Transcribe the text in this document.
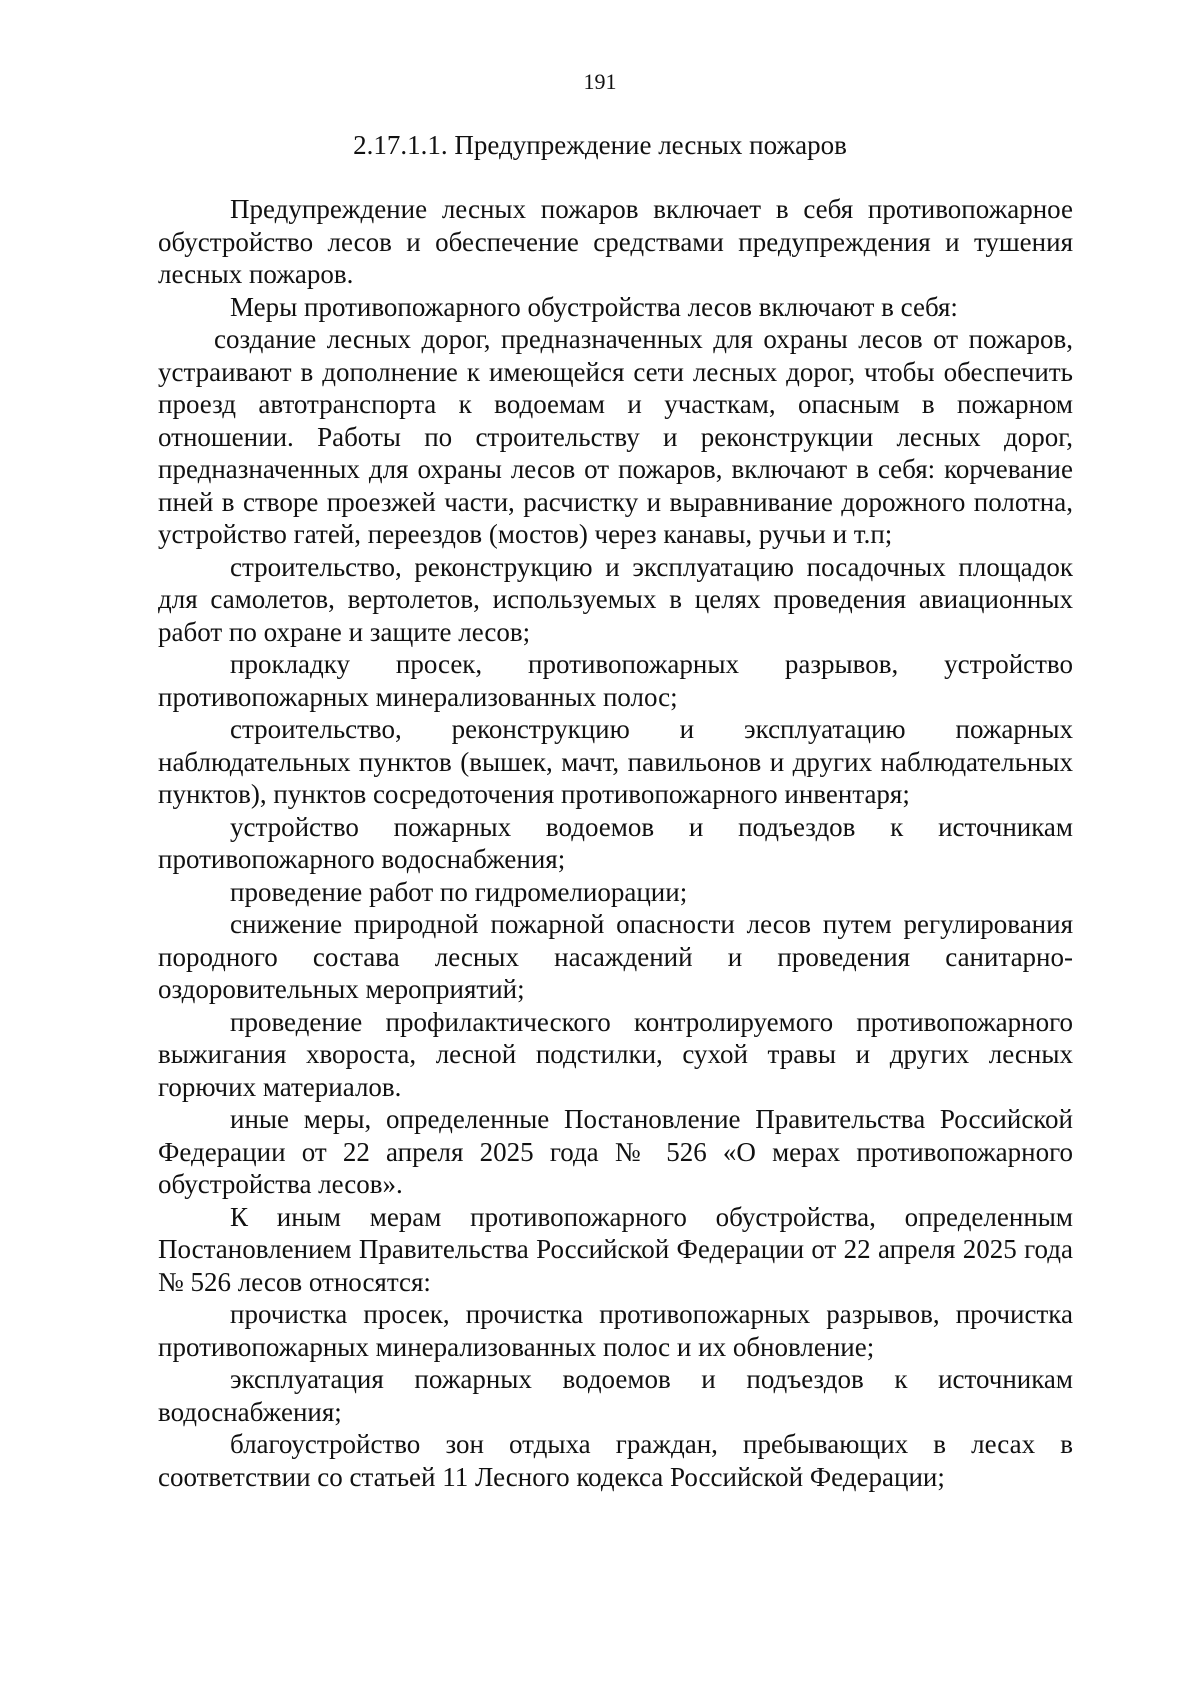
191
2.17.1.1. Предупреждение лесных пожаров

Предупреждение лесных пожаров включает в себя противопожарное обустройство лесов и обеспечение средствами предупреждения и тушения лесных пожаров.

Меры противопожарного обустройства лесов включают в себя:

создание лесных дорог, предназначенных для охраны лесов от пожаров, устраивают в дополнение к имеющейся сети лесных дорог, чтобы обеспечить проезд автотранспорта к водоемам и участкам, опасным в пожарном отношении. Работы по строительству и реконструкции лесных дорог, предназначенных для охраны лесов от пожаров, включают в себя: корчевание пней в створе проезжей части, расчистку и выравнивание дорожного полотна, устройство гатей, переездов (мостов) через канавы, ручьи и т.п;

строительство, реконструкцию и эксплуатацию посадочных площадок для самолетов, вертолетов, используемых в целях проведения авиационных работ по охране и защите лесов;

прокладку просек, противопожарных разрывов, устройство противопожарных минерализованных полос;

строительство, реконструкцию и эксплуатацию пожарных наблюдательных пунктов (вышек, мачт, павильонов и других наблюдательных пунктов), пунктов сосредоточения противопожарного инвентаря;

устройство пожарных водоемов и подъездов к источникам противопожарного водоснабжения;

проведение работ по гидромелиорации;

снижение природной пожарной опасности лесов путем регулирования породного состава лесных насаждений и проведения санитарно-оздоровительных мероприятий;

проведение профилактического контролируемого противопожарного выжигания хвороста, лесной подстилки, сухой травы и других лесных горючих материалов.

иные меры, определенные Постановление Правительства Российской Федерации от 22 апреля 2025 года № 526 «О мерах противопожарного обустройства лесов».

К иным мерам противопожарного обустройства, определенным Постановлением Правительства Российской Федерации от 22 апреля 2025 года № 526 лесов относятся:

прочистка просек, прочистка противопожарных разрывов, прочистка противопожарных минерализованных полос и их обновление;

эксплуатация пожарных водоемов и подъездов к источникам водоснабжения;

благоустройство зон отдыха граждан, пребывающих в лесах в соответствии со статьей 11 Лесного кодекса Российской Федерации;
